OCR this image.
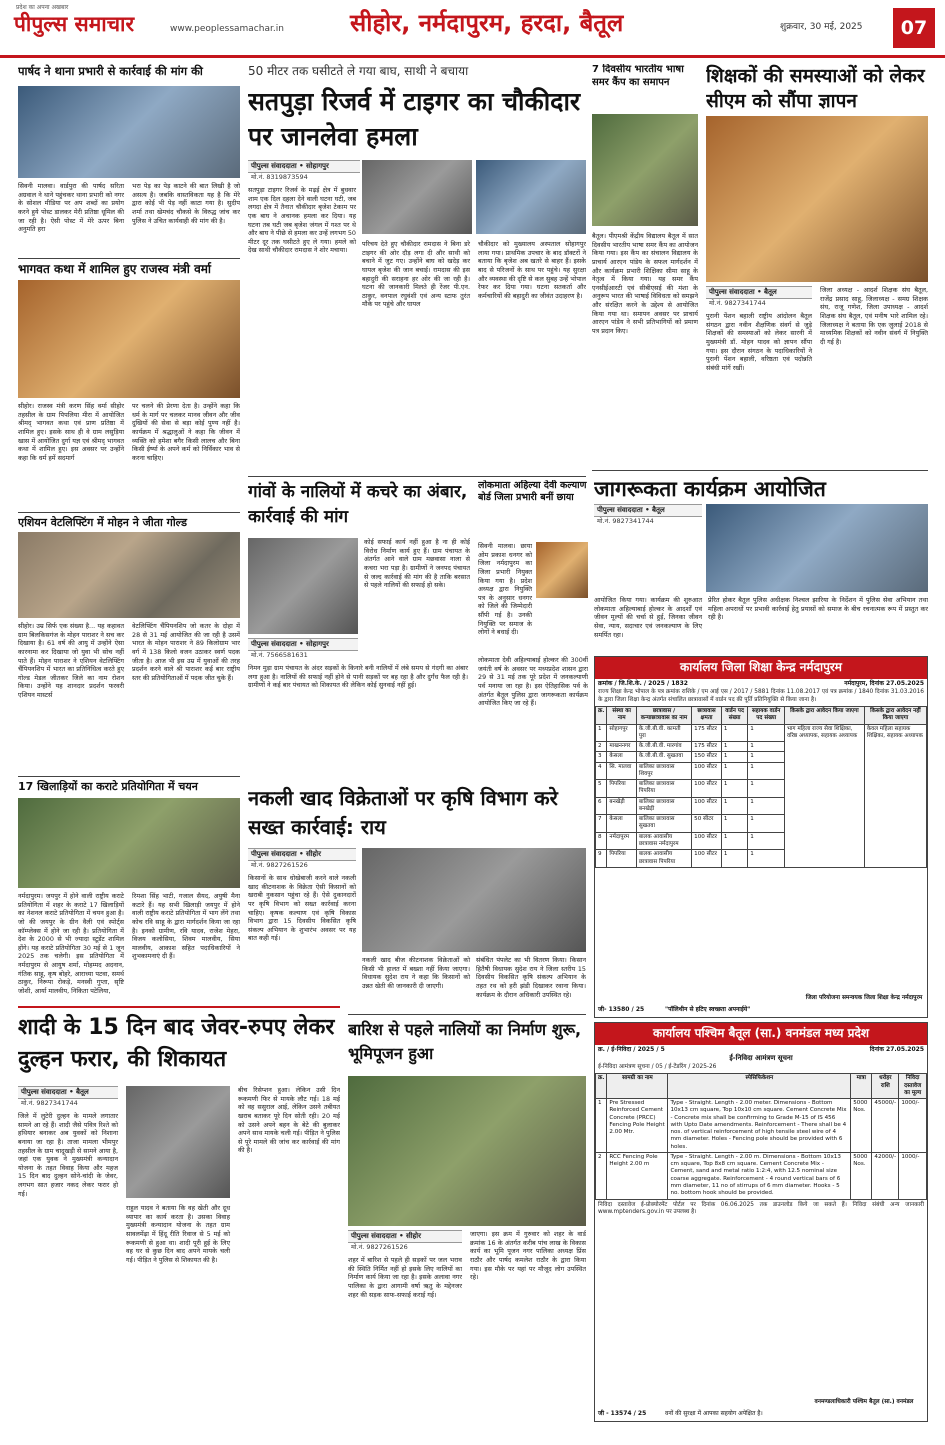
प्रदेश का अपना अखबार
पीपुल्स समाचार	www.peoplessamachar.in	सीहोर, नर्मदापुरम, हरदा, बैतूल	शुक्रवार, 30 मई, 2025	07
पार्षद ने थाना प्रभारी से कार्रवाई की मांग की
सिवनी मालवा। वार्डपुरा की पार्षद सरिता अग्रवाल ने थाने पहुंचकर थाना प्रभारी को नगर के सोशल मीडिया पर अप शब्दों का प्रयोग करने हुये पोस्ट डालकर मेरी प्रतिष्ठा धूमिल की जा रही है। ऐसी पोस्ट में मेरे ऊपर बिना अनुमति हरा
भरा पेड़ का पेड़ काटने की बात लिखी है जो असत्य है। जबकि वास्तविकता यह है कि मेरे द्वारा कोई भी पेड़ नहीं काटा गया है। सुदीप शर्मा तथा खेमचंद चौकसे के विरुद्ध जांच कर पुलिस ने उचित कार्यवाही की मांग की है।
भागवत कथा में शामिल हुए राजस्व मंत्री वर्मा
सीहोर। राजस्व मंत्री करण सिंह वर्मा सीहोर तहसील के ग्राम पिपलिया मीरा में आयोजित श्रीमद् भागवत कथा एवं प्राण प्रतिष्ठा में शामिल हुए। इसके साथ ही वे ग्राम लसुड़िया खास में आयोजित दुर्गा यज्ञ एवं श्रीमद् भागवत कथा में शामिल हुए। इस अवसर पर उन्होंने कहा कि धर्म हमें सदमार्ग
पर चलने की प्रेरणा देता है। उन्होंने कहा कि धर्म के मार्ग पर चलकर मानव जीवन और जीव दुखियों की सेवा से बड़ा कोई पुण्य नहीं है। कार्यक्रम में श्रद्धालुओं ने कहा कि जीवन में व्यक्ति को हमेशा बगैर किसी लालच और बिना किसी ईर्ष्या के अपने कर्म को निर्विकार भाव से करना चाहिए।
एशियन वेटलिफ्टिंग में मोहन ने जीता गोल्ड
सीहोर। उम्र सिर्फ एक संख्या है... यह कहावत ग्राम बिलकिसगंज के मोहन पाराशर ने सच कर दिखाया है। 61 वर्ष की आयु में उन्होंने ऐसा कारनामा कर दिखाया जो युवा भी सोच नहीं पाते हैं। मोहन पाराशर ने एशियन वेटलिफ्टिंग चैंपियनशिप में भारत का प्रतिनिधित्व करते हुए गोल्ड मेडल जीतकर जिले का नाम रोशन किया। उन्होंने यह शानदार प्रदर्शन फरवरी एशियन मास्टर्स
वेटलिफ्टिंग चैंपियनशिप जो कतर के दोहा में 28 से 31 मई आयोजित की जा रही है उसमें भारत के मोहन पाराशर ने 89 किलोग्राम भार वर्ग में 138 किलो वजन उठाकर स्वर्ण पदक जीता है। आज भी इस उम्र में युवाओं की तरह प्रदर्शन करने वाले श्री पाराशर कई बार राष्ट्रीय स्तर की प्रतियोगिताओं में पदक जीत चुके हैं।
17 खिलाड़ियों का कराटे प्रतियोगिता में चयन
नर्मदापुरम। जयपुर में होने वाली राष्ट्रीय कराटे प्रतियोगिता में शहर के कराटे 17 खिलाड़ियों का नेशनल कराटे प्रतियोगिता में चयन हुआ है। जो की जयपुर के ग्रीन वैली एवं स्पोर्ट्स कॉम्प्लेक्स में होने जा रही है। प्रतियोगिता में देश के 2000 से भी ज्यादा स्टूडेंट शामिल होंगे। यह कराटे प्रतियोगिता 30 मई से 1 जून 2025 तक चलेगी। इस प्रतियोगिता में नर्मदापुरम से आयुष शर्मा, मोहम्मद अदनान, गंतिक साहू, कृष बोहरे, आराध्या पटवा, समर्थ ठाकुर, निरूपा रोकड़े, मनस्वी गुप्ता, सृष्टि जोशी, आर्या मालवीय, निकिता पटेलिया,
रिमशा सिंह भाटी, गजाल सैयद, अयुषी मैना कटारे हैं। यह सभी खिलाड़ी जयपुर में होने वाली राष्ट्रीय कराटे प्रतियोगिता में भाग लेंगे तथा कोच रवि साहू के द्वारा मार्गदर्शन किया जा रहा है। इनको ग्रामीण, रवि यादव, राजेश मेहरा, विजय कलोसिया, शिवम मालवीय, सिया मालवीय, आकाश सहित पदाधिकारियों ने शुभकामनाएं दी हैं।
शादी के 15 दिन बाद जेवर-रुपए लेकर दुल्हन फरार, की शिकायत
पीपुल्स संवाददाता • बैतूल
मो.नं. 9827341744
जिले में लुटेरी दुल्हन के मामले लगातार सामने आ रहे हैं। शादी जैसे पवित्र रिश्ते को हथियार बनाकर अब युवकों को निशाना बनाया जा रहा है। ताजा मामला भीमपुर तहसील के ग्राम चादूखड़ी से सामने आया है, जहां एक युवक ने मुख्यमंत्री कन्यादान योजना के तहत विवाह किया और महज 15 दिन बाद दुल्हन सोने-चांदी के जेवर, लगभग सात हजार नकद लेकर फरार हो गई।
राहुल यादव ने बताया कि वह खेती और दूध व्यापार का कार्य करता है। उसका विवाह मुख्यमंत्री कन्यादान योजना के तहत ग्राम सावलमेंढ़ा में हिंदू रीति रिवाज से 5 मई को रूकमणी से हुआ था। शादी पूरी हुई के लिए वह घर से कुछ दिन बाद अपने मायके चली गई। पीड़ित ने पुलिस से शिकायत की है।
बीच रिसेप्शन हुआ। लेकिन उसी दिन रूकमणी फिर से मायके लौट गई। 18 मई को वह ससुराल आई, लेकिन उसने तबीयत खराब बताकर पूरे दिन सोती रही। 20 मई को उसने अपने बहन के बेटे की बुलाकर अपने साथ मायके चली गई। पीड़ित ने पुलिस से पूरे मामले की जांच कर कार्रवाई की मांग की है।
50 मीटर तक घसीटते ले गया बाघ, साथी ने बचाया
सतपुड़ा रिजर्व में टाइगर का चौकीदार पर जानलेवा हमला
पीपुल्स संवाददाता • सोहागपुर
मो.नं. 8319873594
सतपुड़ा टाइगर रिजर्व के मढ़ई क्षेत्र में बुधवार शाम एक दिल दहला देने वाली घटना घटी, जब लगदा क्षेत्र में तैनात चौकीदार बृजेश टेकाम पर एक बाघ ने अचानक हमला कर दिया। यह घटना तब घटी जब बृजेश जंगल में गश्त पर थे और बाघ ने पीछे से हमला कर उन्हें लगभग 50 मीटर दूर तक घसीटते हुए ले गया। हमले को देख साथी चौकीदार रामदास ने शोर मचाया।
परिचय देते हुए चौकीदार रामदास ने बिना डरे टाइगर की ओर दौड़ लगा दी और साथी को बचाने में जुट गए। उन्होंने बाघ को खदेड़ कर घायल बृजेश की जान बचाई। रामदास की इस बहादुरी की सराहना हर ओर की जा रही है। घटना की जानकारी मिलते ही रेंजर पी.एन. ठाकुर, वनपाल रघुवंशी एवं अन्य स्टाफ तुरंत मौके पर पहुंचे और घायल
चौकीदार को मुख्यालय अस्पताल सोहागपुर लाया गया। प्राथमिक उपचार के बाद डॉक्टरों ने बताया कि बृजेश अब खतरे से बाहर हैं। इसके बाद से परिजनों के साथ पर पहुंचे। यह सुरक्षा और व्यवस्था की दृष्टि से कल सुबह उन्हें भोपाल रेफर कर दिया गया। घटना सतकर्ता और कर्मचारियों की बहादुरी का जीवंत उदाहरण है।
7 दिवसीय भारतीय भाषा समर कैंप का समापन
बैतूल। पीएमश्री केंद्रीय विद्यालय बैतूल में सात दिवसीय भारतीय भाषा समर कैंप का आयोजन किया गया। इस कैंप का संचालन विद्यालय के प्राचार्य आरएन पांडेय के सफल मार्गदर्शन में और कार्यक्रम प्रभारी शिक्षिका सीमा साहू के नेतृत्व में किया गया। यह समर कैंप एनसीईआरटी एवं सीबीएसई की मंशा के अनुरूप भारत की भाषाई विविधता को समझने और संरक्षित करने के उद्देश्य से आयोजित किया गया था। समापन अवसर पर प्राचार्य आरएन पांडेय ने सभी प्रतिभागियों को प्रमाण पत्र प्रदान किए।
शिक्षकों की समस्याओं को लेकर सीएम को सौंपा ज्ञापन
पीपुल्स संवाददाता • बैतूल
मो.नं. 9827341744
पुरानी पेंशन बहाली राष्ट्रीय आंदोलन बैतूल संगठन द्वारा नवीन शैक्षणिक संवर्ग से जुड़े शिक्षकों की समस्याओं को लेकर सारनी में मुख्यमंत्री डॉ. मोहन यादव को ज्ञापन सौंपा गया। इस दौरान संगठन के पदाधिकारियों ने पुरानी पेंशन बहाली, वरिष्ठता एवं पदोन्नति संबंधी मांगें रखीं।
जिला अध्यक्ष - आदर्श शिक्षक संघ बैतूल, राजेंद्र प्रसाद साहू, जिलाध्यक्ष - समग्र शिक्षक संघ, राजू गणेश, जिला उपाध्यक्ष - आदर्श शिक्षक संघ बैतूल, एवं मनीष भारे शामिल रहे। जिलाध्यक्ष ने बताया कि एक जुलाई 2018 से माध्यमिक शिक्षकों को नवीन संवर्ग में नियुक्ति दी गई है।
गांवों के नालियों में कचरे का अंबार, कार्रवाई की मांग
पीपुल्स संवाददाता • सोहागपुर
मो.नं. 7566581631
निमन मुड़ा ग्राम पंचायत के अंदर सड़कों के किनारे बनी नालियों में लंबे समय से गंदगी का अंबार लगा हुआ है। नालियों की सफाई नहीं होने से पानी सड़कों पर बह रहा है और दुर्गंध फैल रही है। ग्रामीणों ने कई बार पंचायत को शिकायत की लेकिन कोई सुनवाई नहीं हुई।
कोई सफाई कार्य नहीं हुआ है ना ही कोई विरोध निर्माण कार्य हुए हैं। ग्राम पंचायत के अंतर्गत आने वाले ग्राम मछवासा नाला से कचरा भरा पड़ा है। ग्रामीणों ने जनपद पंचायत से जल्द कार्रवाई की मांग की है ताकि बरसात से पहले नालियों की सफाई हो सके।
लोकमाता अहिल्या देवी कल्याण बोर्ड जिला प्रभारी बनीं छाया
सिवनी मालवा। छाया ओम प्रकाश धनगर को जिला नर्मदापुरम का जिला प्रभारी नियुक्त किया गया है। प्रदेश अध्यक्ष द्वारा नियुक्ति पत्र के अनुसार धनगर को जिले की जिम्मेदारी सौंपी गई है। उनकी नियुक्ति पर समाज के लोगों ने बधाई दी।
लोकमाता देवी अहिल्याबाई होल्कर की 300वीं जयंती वर्ष के अवसर पर मध्यप्रदेश शासन द्वारा 29 से 31 मई तक पूरे प्रदेश में जनकल्याणी पर्व मनाया जा रहा है। इस ऐतिहासिक पर्व के अंतर्गत बैतूल पुलिस द्वारा जागरूकता कार्यक्रम आयोजित किए जा रहे हैं।
जागरूकता कार्यक्रम आयोजित
पीपुल्स संवाददाता • बैतूल
मो.नं. 9827341744
आयोजित किया गया। कार्यक्रम की शुरुआत लोकमाता अहिल्याबाई होल्कर के आदर्शों एवं जीवन मूल्यों की चर्चा से हुई, जिनका जीवन सेवा, न्याय, सदाचार एवं जनकल्याण के लिए समर्पित रहा।
प्रेरित होकर बैतूल पुलिस अधीक्षक निश्चल झारिया के निर्देशन में पुलिस सेवा अभियान तथा महिला अपराधों पर प्रभावी कार्रवाई हेतु प्रयासों को समाज के बीच रचनात्मक रूप में प्रस्तुत कर रही है।
कार्यालय जिला शिक्षा केन्द्र नर्मदापुरम
क्रमांक / जि.शि.के. / 2025 / 1832	नर्मदापुरम, दिनांक 27.05.2025
राज्य शिक्षा केन्द्र भोपाल के पत्र क्रमांक राशिके / एम आई एस / 2017 / 5881 दिनांक 11.08.2017 एवं पत्र क्रमांक / 1840 दिनांक 31.03.2016 के द्वारा जिला शिक्षा केन्द्र अंतर्गत संचालित छात्रावासों में वार्डन पद की पूर्ति प्रतिनियुक्ति से किया जाना है।
क्र.	संस्था का नाम	छात्रावास / कन्याछात्रावास का नाम	छात्रावास क्षमता	वार्डन पद संख्या	सहायक वार्डन पद संख्या	किसके द्वारा आवेदन किया जाएगा	किसके द्वारा आवेदन नहीं किया जाएगा
1	सोहागपुर	के.जी.बी.वी. कामती पुरा	175 सीटर	1	1	भाग महिला राज्य सेवा शिक्षिका, वरिष्ठ अध्यापक, सहायक अध्यापक	केवल महिला सहायक शिक्षिका, सहायक अध्यापक
2	माखननगर	के.जी.बी.वी. मारगांव	175 सीटर	1	1		
3	केसला	के.जी.बी.वी. सुखतवा	150 सीटर	1	1		
4	सि. मालवा	बालिका छात्रावास शिवपुर	100 सीटर	1	1		
5	पिपरिया	बालिका छात्रावास पिपरिया	100 सीटर	1	1		
6	बनखेड़ी	बालिका छात्रावास बनखेड़ी	100 सीटर	1	1		
7	केसला	बालिका छात्रावास सुखतवा	50 सीटर	1	1		
8	नर्मदापुरम	बालक आवासीय छात्रावास नर्मदापुरम	100 सीटर	1	1		
9	पिपरिया	बालक आवासीय छात्रावास पिपरिया	100 सीटर	1	1		
जी- 13580 / 25	"पॉलिथीन से हटिए स्वच्छता अपनाईये"
जिला परियोजना समन्वयक जिला शिक्षा केन्द्र नर्मदापुरम
नकली खाद विक्रेताओं पर कृषि विभाग करे सख्त कार्रवाई: राय
पीपुल्स संवाददाता • सीहोर
मो.नं. 9827261526
किसानों के साथ धोखेबाजी करने वाले नकली खाद कीटनाशक के विक्रेता ऐसी किसानों को खराबी नुकसान पहुंचा रहे हैं। ऐसे दुकानदारों पर कृषि विभाग को सख्त कार्रवाई करना चाहिए। कृषक कल्याण एवं कृषि विकास विभाग द्वारा 15 दिवसीय विकसित कृषि संकल्प अभियान के शुभारंभ अवसर पर यह बात कही गई।
नकली खाद बीज कीटनाशक विक्रेताओं को किसी भी हालत में बख्शा नहीं किया जाएगा। विधायक सुदेश राय ने कहा कि किसानों को उन्नत खेती की जानकारी दी जाएगी।
संबंधित पंपलेट का भी वितरण किया। किसान हितैषी विधायक सुदेश राय ने जिला स्तरीय 15 दिवसीय विकसित कृषि संकल्प अभियान के तहत रथ को हरी झंडी दिखाकर रवाना किया। कार्यक्रम के दौरान अधिकारी उपस्थित रहे।
बारिश से पहले नालियों का निर्माण शुरू, भूमिपूजन हुआ
पीपुल्स संवाददाता • सीहोर
मो.नं. 9827261526
शहर में बारिश से पहले ही सड़कों पर जल भराव की स्थिति निर्मित नहीं हो इसके लिए नालियों का निर्माण कार्य किया जा रहा है। इसके अलावा नगर पालिका के द्वारा आगामी वर्षा ऋतु के मद्देनजर शहर की सड़क साफ-सफाई कराई गई।
जाएगा। इस क्रम में गुरुवार को शहर के वार्ड क्रमांक 16 के अंतर्गत करीब पांच लाख के विकास कार्य का भूमि पूजन नगर पालिका अध्यक्ष प्रिंस राठौर और पार्षद कमलेश राठौर के द्वारा किया गया। इस मौके पर यहां पर मौजूद लोग उपस्थित रहे।
कार्यालय पश्चिम बैतूल (सा.) वनमंडल मध्य प्रदेश
क्र. / ई-निविदा / 2025 / 5	दिनांक 27.05.2025
ई-निविदा आमंत्रण सूचना
ई-निविदा आमंत्रण सूचना / 05 / ई-टेंडरिंग / 2025-26
क्र.	सामग्री का नाम	स्पेसिफिकेशन	मात्रा	धरोहर राशि	निविदा दस्तावेज का मूल्य
1	Pre Stressed Reinforced Cement Concrete (PRCC) Fencing Pole Height 2.00 Mtr.	Type - Straight. Length - 2.00 meter. Dimensions - Bottom 10x13 cm square, Top 10x10 cm square. Cement Concrete Mix - Concrete mix shall be confirming to Grade M-15 of IS 456 with Upto Date amendments. Reinforcement - There shall be 4 nos. of vertical reinforcement of high tensile steel wire of 4 mm diameter. Holes - Fencing pole should be provided with 6 holes.	5000 Nos.	45000/-	1000/-
2	RCC Fencing Pole Height 2.00 m	Type - Straight. Length - 2.00 m. Dimensions - Bottom 10x13 cm square, Top 8x8 cm square. Cement Concrete Mix - Cement, sand and metal ratio 1:2:4, with 12.5 nominal size coarse aggregate. Reinforcement - 4 round vertical bars of 6 mm diameter, 11 no of stirrups of 6 mm diameter. Hooks - 5 no. bottom hook should be provided.	5000 Nos.	42000/-	1000/-
निविदा दस्तावेज ई-प्रोक्योरमेंट पोर्टल पर दिनांक 06.06.2025 तक डाउनलोड किये जा सकते हैं। निविदा संबंधी अन्य जानकारी www.mptenders.gov.in पर उपलब्ध है।
जी - 13574 / 25	वनों की सुरक्षा में आपका सहयोग अपेक्षित है।
वनमण्डलाधिकारी पश्चिम बैतूल (सा.) वनमंडल
